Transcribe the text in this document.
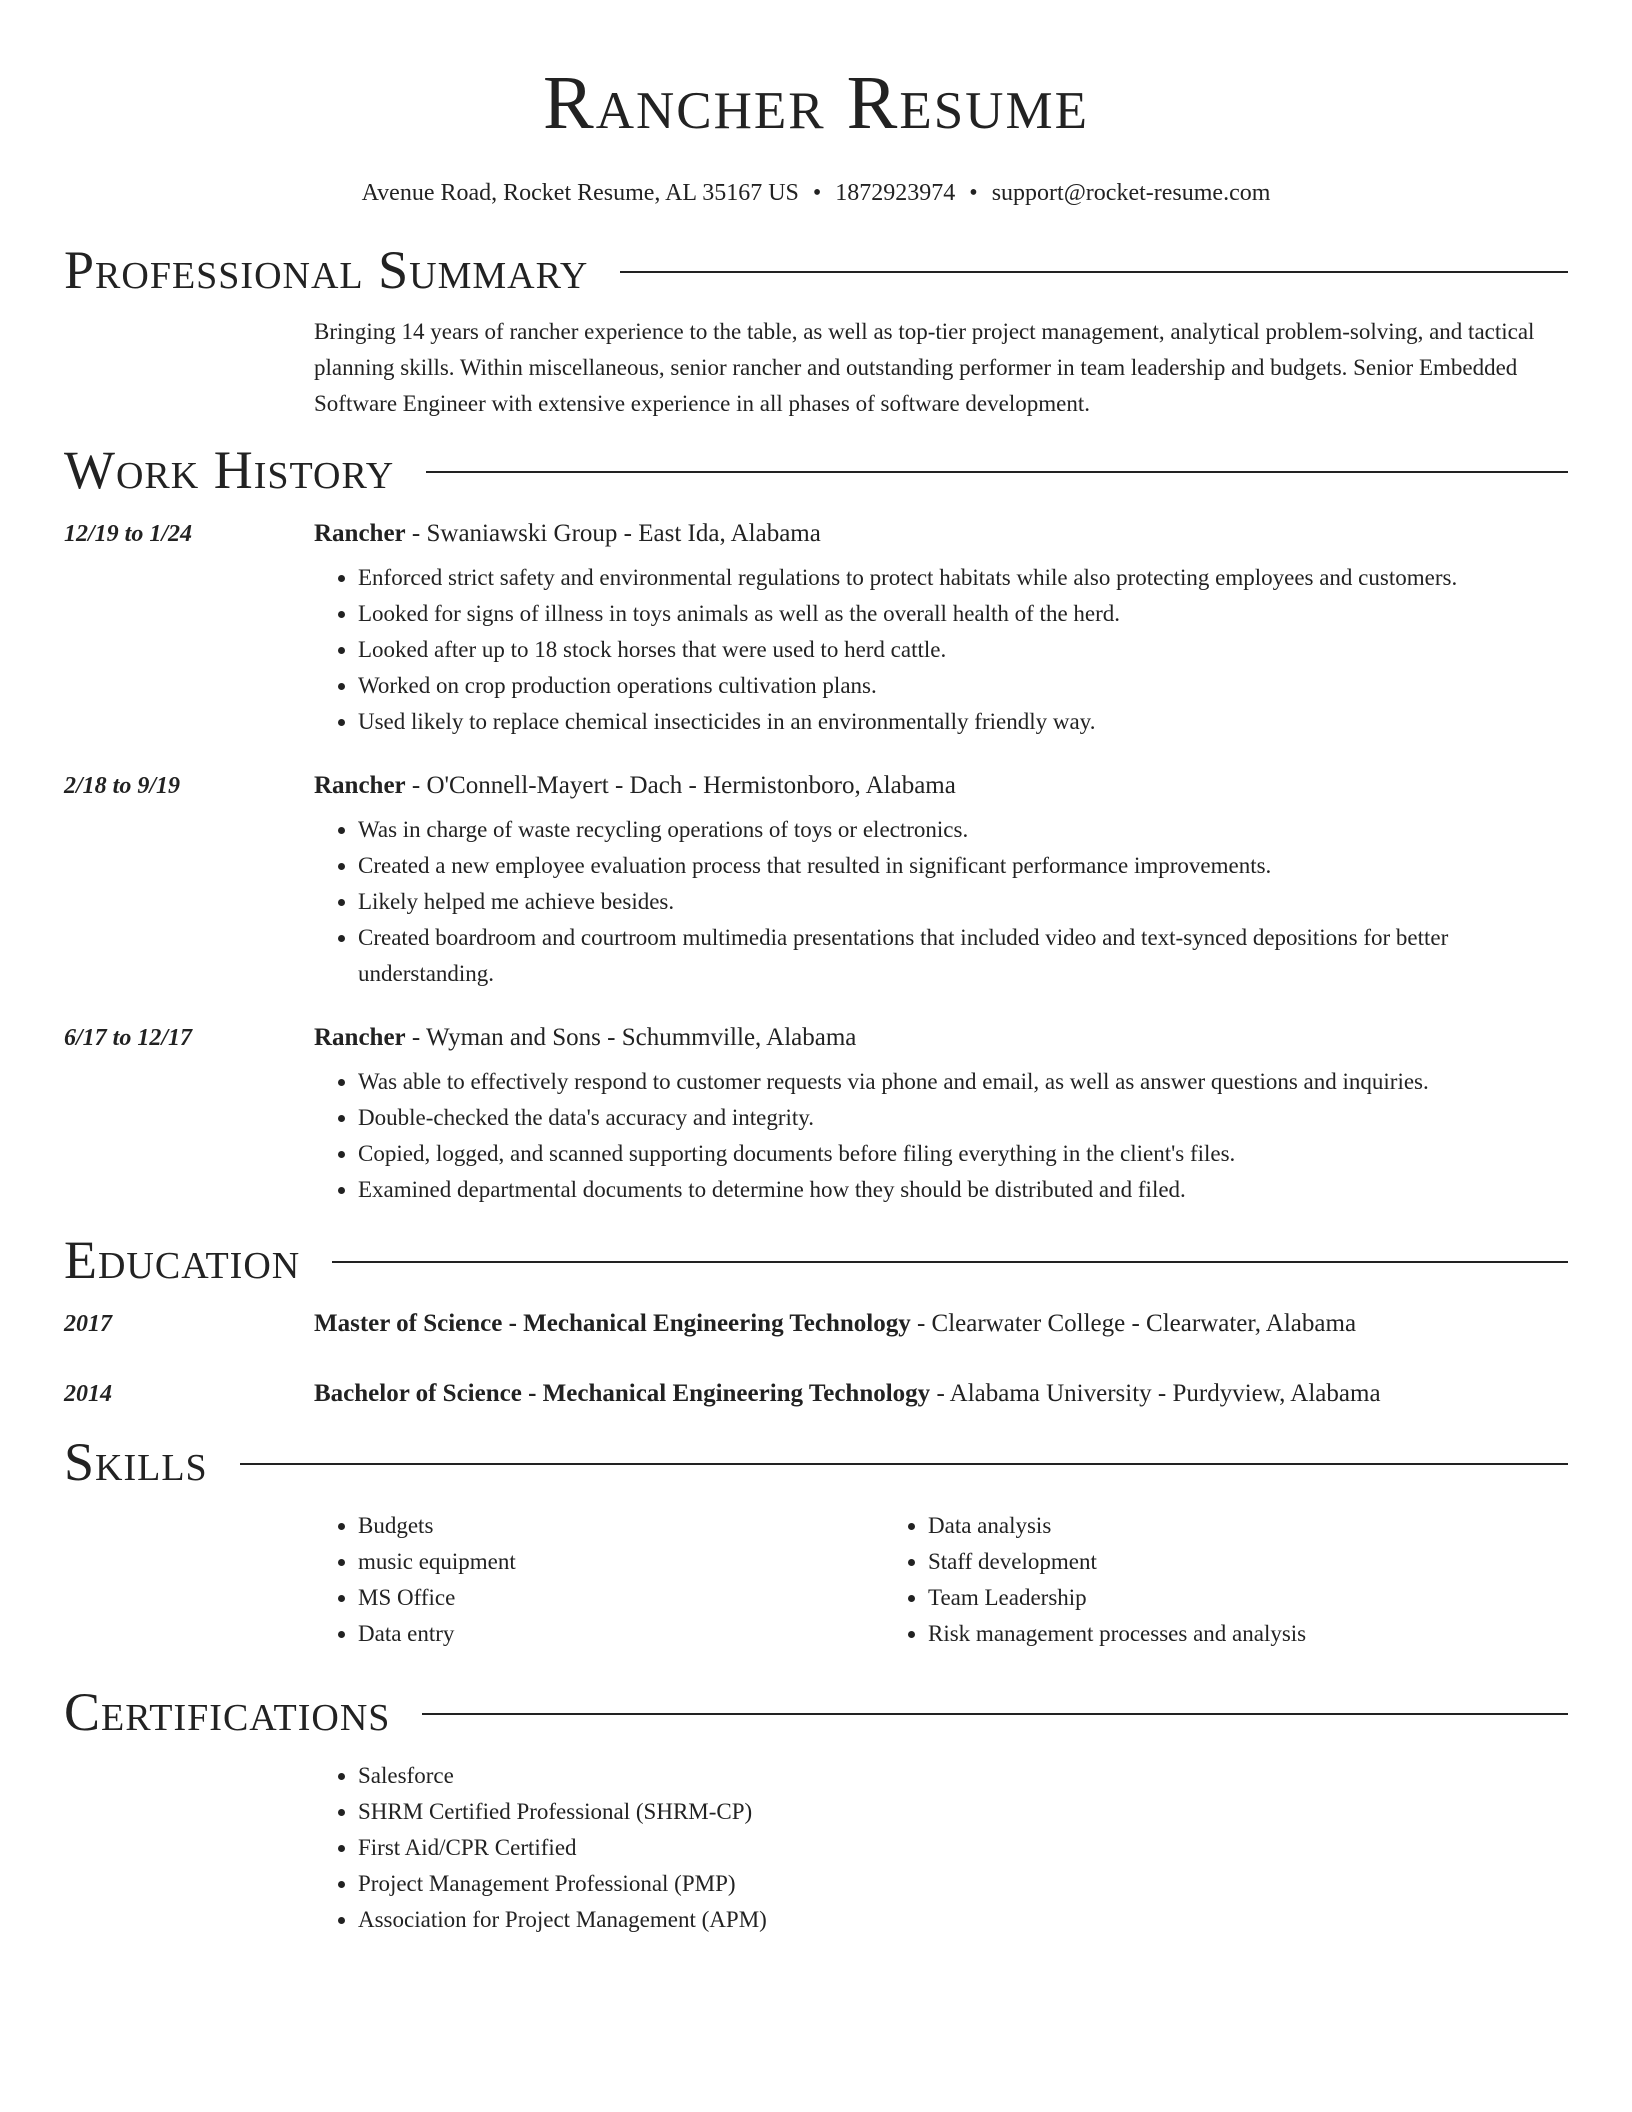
Rancher Resume
Avenue Road, Rocket Resume, AL 35167 US • 1872923974 • support@rocket-resume.com
Professional Summary
Bringing 14 years of rancher experience to the table, as well as top-tier project management, analytical problem-solving, and tactical planning skills. Within miscellaneous, senior rancher and outstanding performer in team leadership and budgets. Senior Embedded Software Engineer with extensive experience in all phases of software development.
Work History
12/19 to 1/24	Rancher - Swaniawski Group - East Ida, Alabama
• Enforced strict safety and environmental regulations to protect habitats while also protecting employees and customers.
• Looked for signs of illness in toys animals as well as the overall health of the herd.
• Looked after up to 18 stock horses that were used to herd cattle.
• Worked on crop production operations cultivation plans.
• Used likely to replace chemical insecticides in an environmentally friendly way.
2/18 to 9/19	Rancher - O'Connell-Mayert - Dach - Hermistonboro, Alabama
• Was in charge of waste recycling operations of toys or electronics.
• Created a new employee evaluation process that resulted in significant performance improvements.
• Likely helped me achieve besides.
• Created boardroom and courtroom multimedia presentations that included video and text-synced depositions for better understanding.
6/17 to 12/17	Rancher - Wyman and Sons - Schummville, Alabama
• Was able to effectively respond to customer requests via phone and email, as well as answer questions and inquiries.
• Double-checked the data's accuracy and integrity.
• Copied, logged, and scanned supporting documents before filing everything in the client's files.
• Examined departmental documents to determine how they should be distributed and filed.
Education
2017	Master of Science - Mechanical Engineering Technology - Clearwater College - Clearwater, Alabama
2014	Bachelor of Science - Mechanical Engineering Technology - Alabama University - Purdyview, Alabama
Skills
• Budgets
• music equipment
• MS Office
• Data entry
• Data analysis
• Staff development
• Team Leadership
• Risk management processes and analysis
Certifications
• Salesforce
• SHRM Certified Professional (SHRM-CP)
• First Aid/CPR Certified
• Project Management Professional (PMP)
• Association for Project Management (APM)
